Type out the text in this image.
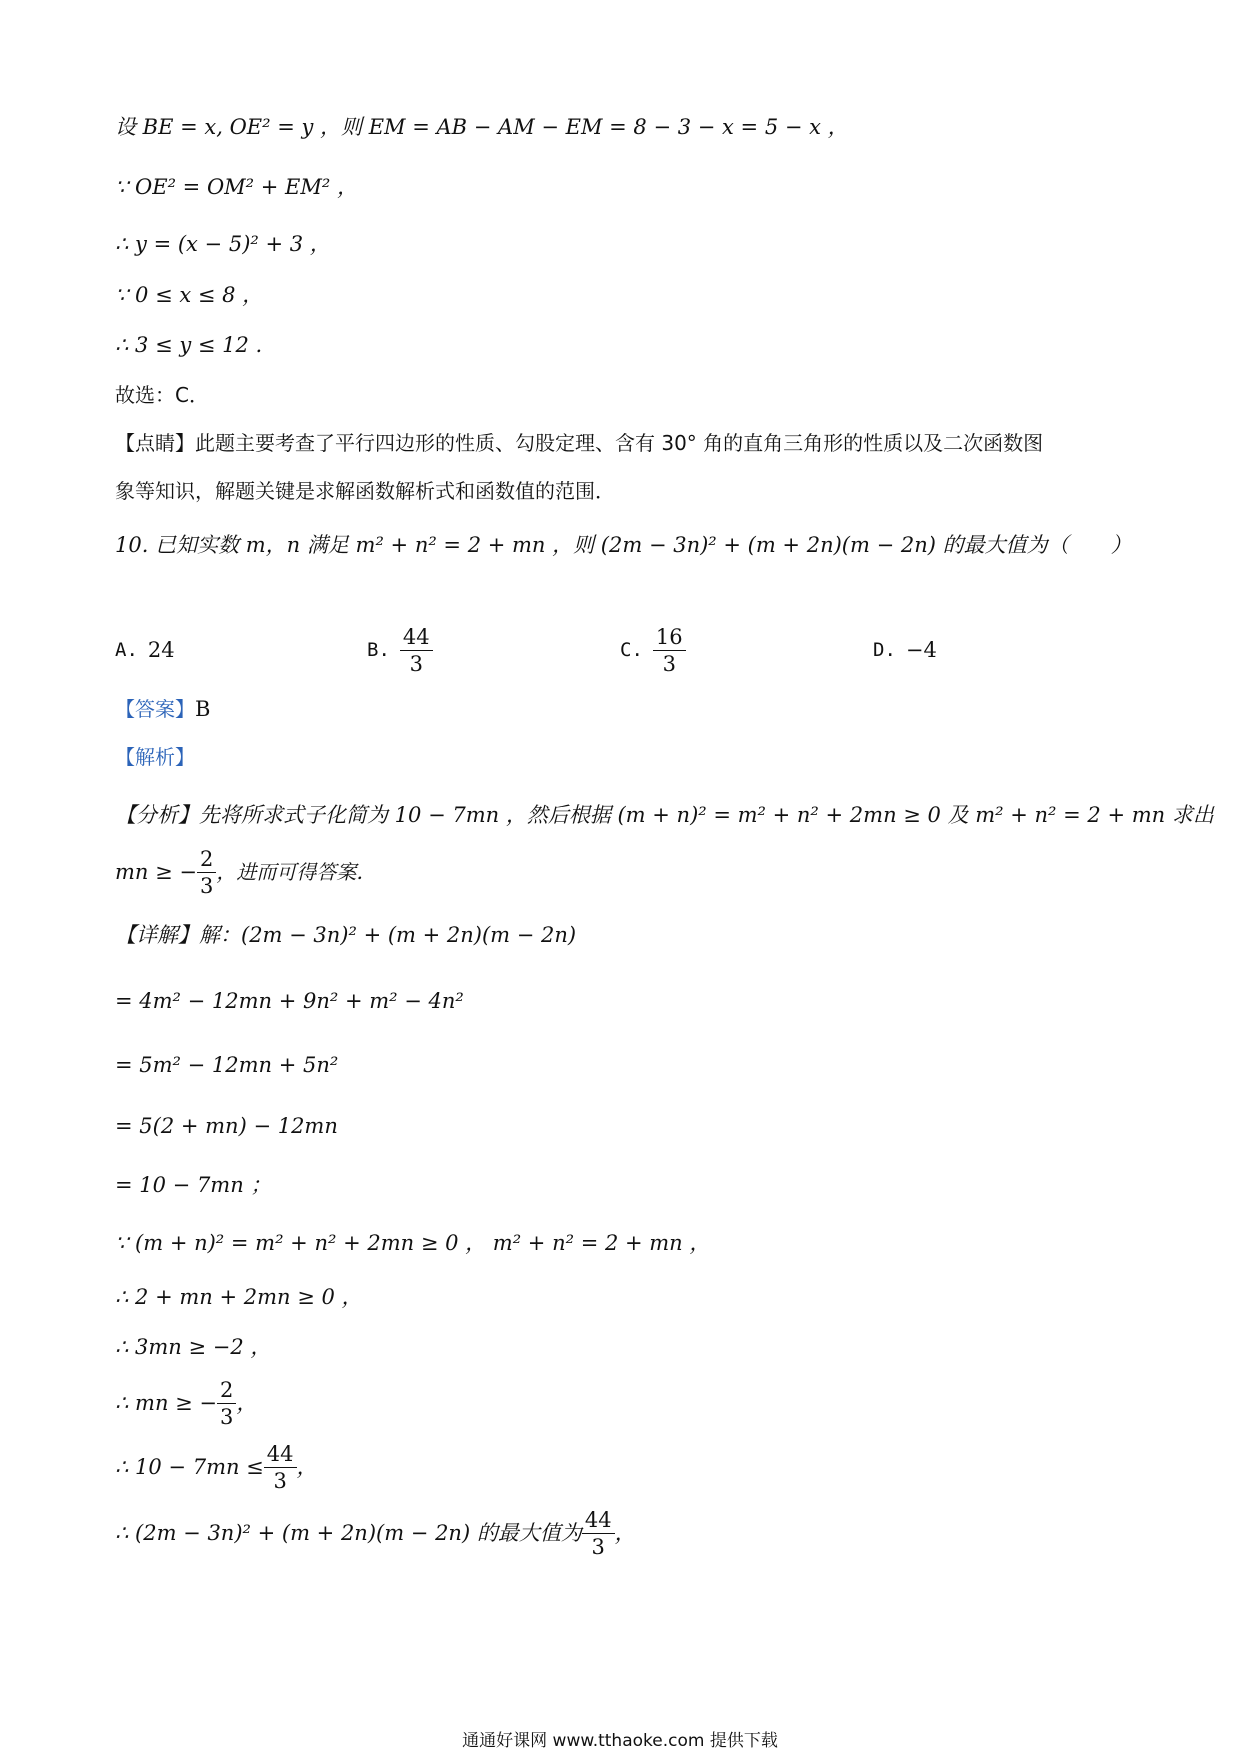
设 BE = x, OE² = y ，则 EM = AB − AM − EM = 8 − 3 − x = 5 − x ，
∵ OE² = OM² + EM² ，
∴ y = (x − 5)² + 3 ，
∵ 0 ≤ x ≤ 8 ，
∴ 3 ≤ y ≤ 12 .
故选：C．
【点睛】此题主要考查了平行四边形的性质、勾股定理、含有 30° 角的直角三角形的性质以及二次函数图
象等知识，解题关键是求解函数解析式和函数值的范围．
10. 已知实数 m，n 满足 m² + n² = 2 + mn ，则 (2m − 3n)² + (m + 2n)(m − 2n) 的最大值为（　　）
A. 24	B. $\frac{44}{3}$	C. $\frac{16}{3}$	D. −4
【答案】B
【解析】
【分析】先将所求式子化简为 10 − 7mn ，然后根据 (m + n)² = m² + n² + 2mn ≥ 0 及 m² + n² = 2 + mn 求出
mn ≥ − $\frac{2}{3}$ ，进而可得答案．
【详解】解：(2m − 3n)² + (m + 2n)(m − 2n)
= 4m² − 12mn + 9n² + m² − 4n²
= 5m² − 12mn + 5n²
= 5(2 + mn) − 12mn
= 10 − 7mn ；
∵ (m + n)² = m² + n² + 2mn ≥ 0 ， m² + n² = 2 + mn ，
∴ 2 + mn + 2mn ≥ 0 ，
∴ 3mn ≥ −2 ，
∴ mn ≥ − $\frac{2}{3}$ ，
∴ $10 - 7mn \le \frac{44}{3}$ ，
∴ (2m − 3n)² + (m + 2n)(m − 2n) 的最大值为 $\frac{44}{3}$ ，
通通好课网 www.tthaoke.com 提供下载
